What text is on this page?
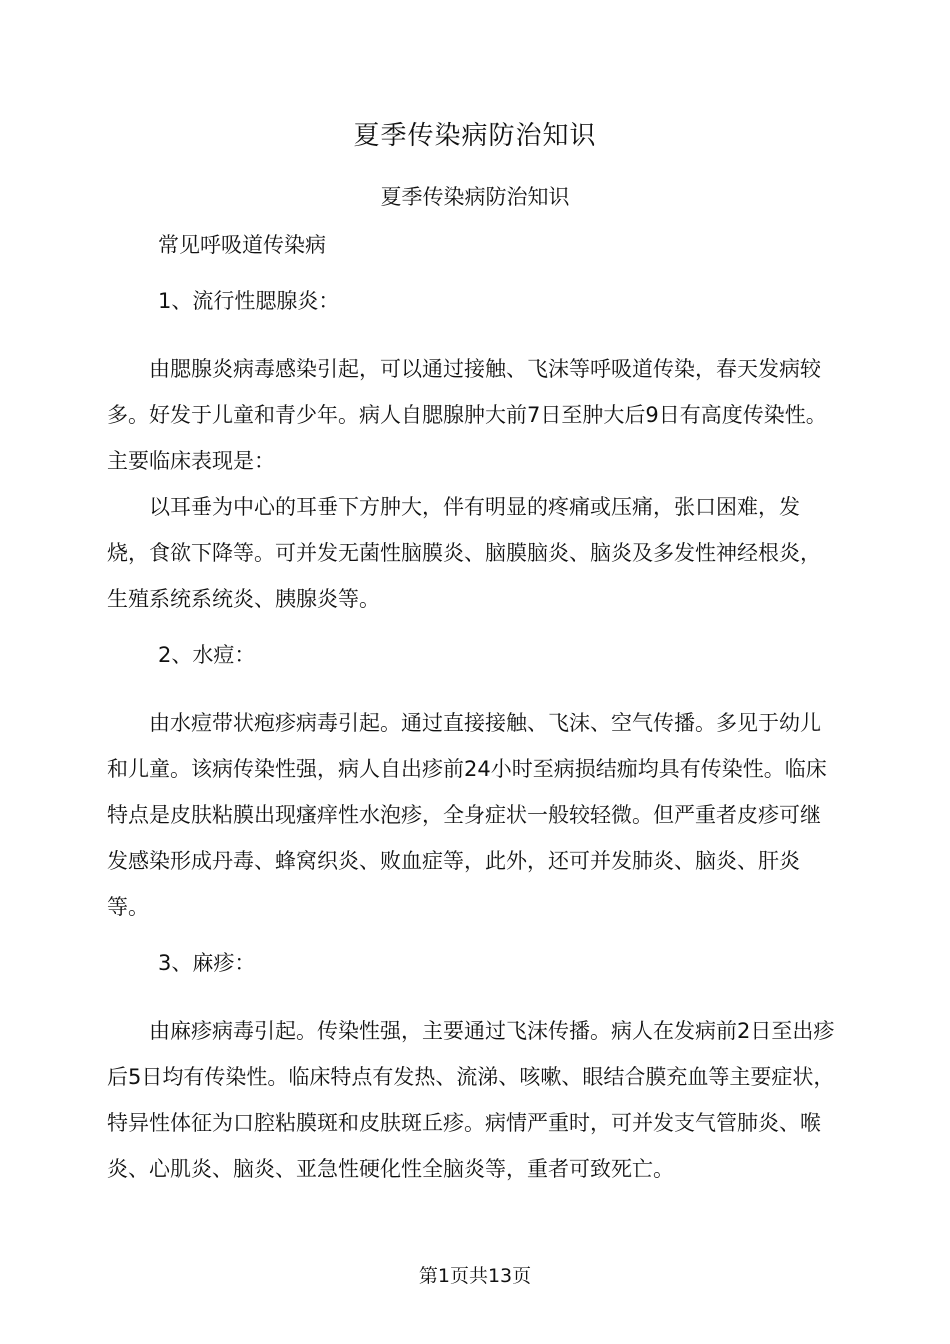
夏季传染病防治知识
夏季传染病防治知识
常见呼吸道传染病
1、流行性腮腺炎：

由腮腺炎病毒感染引起，可以通过接触、飞沫等呼吸道传染，春天发病较多。好发于儿童和青少年。病人自腮腺肿大前7日至肿大后9日有高度传染性。主要临床表现是：

以耳垂为中心的耳垂下方肿大，伴有明显的疼痛或压痛，张口困难，发烧，食欲下降等。可并发无菌性脑膜炎、脑膜脑炎、脑炎及多发性神经根炎，生殖系统系统炎、胰腺炎等。

2、水痘：

由水痘带状疱疹病毒引起。通过直接接触、飞沫、空气传播。多见于幼儿和儿童。该病传染性强，病人自出疹前24小时至病损结痂均具有传染性。临床特点是皮肤粘膜出现瘙痒性水泡疹，全身症状一般较轻微。但严重者皮疹可继发感染形成丹毒、蜂窝织炎、败血症等，此外，还可并发肺炎、脑炎、肝炎等。

3、麻疹：

由麻疹病毒引起。传染性强，主要通过飞沫传播。病人在发病前2日至出疹后5日均有传染性。临床特点有发热、流涕、咳嗽、眼结合膜充血等主要症状，特异性体征为口腔粘膜斑和皮肤斑丘疹。病情严重时，可并发支气管肺炎、喉炎、心肌炎、脑炎、亚急性硬化性全脑炎等，重者可致死亡。

第1页共13页
